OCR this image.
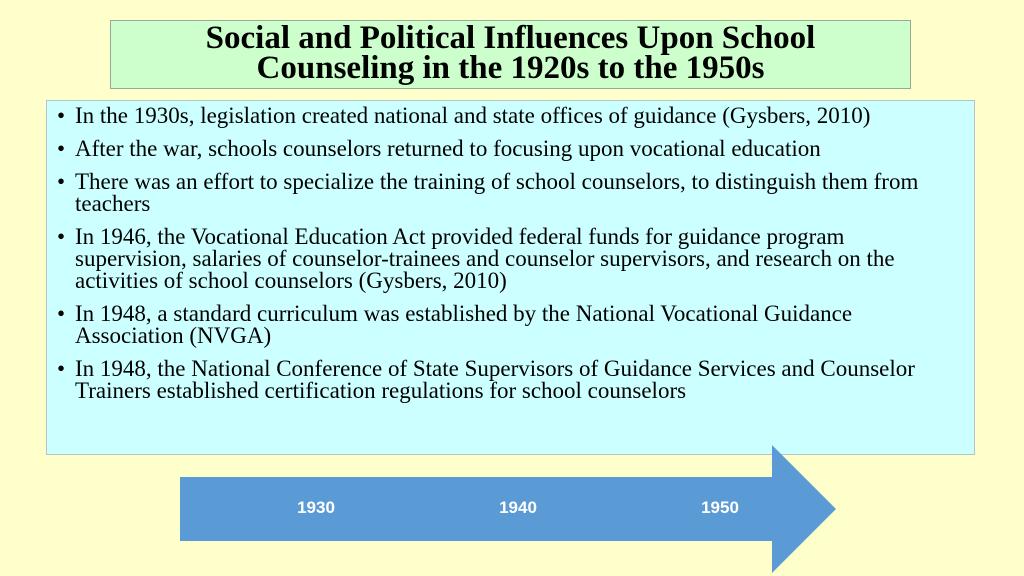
Social and Political Influences Upon School
Counseling in the 1920s to the 1950s
• In the 1930s, legislation created national and state offices of guidance (Gysbers, 2010)
• After the war, schools counselors returned to focusing upon vocational education
• There was an effort to specialize the training of school counselors, to distinguish them from teachers
• In 1946, the Vocational Education Act provided federal funds for guidance program supervision, salaries of counselor-trainees and counselor supervisors, and research on the activities of school counselors (Gysbers, 2010)
• In 1948, a standard curriculum was established by the National Vocational Guidance Association (NVGA)
• In 1948, the National Conference of State Supervisors of Guidance Services and Counselor Trainers established certification regulations for school counselors
1930	1940	1950
